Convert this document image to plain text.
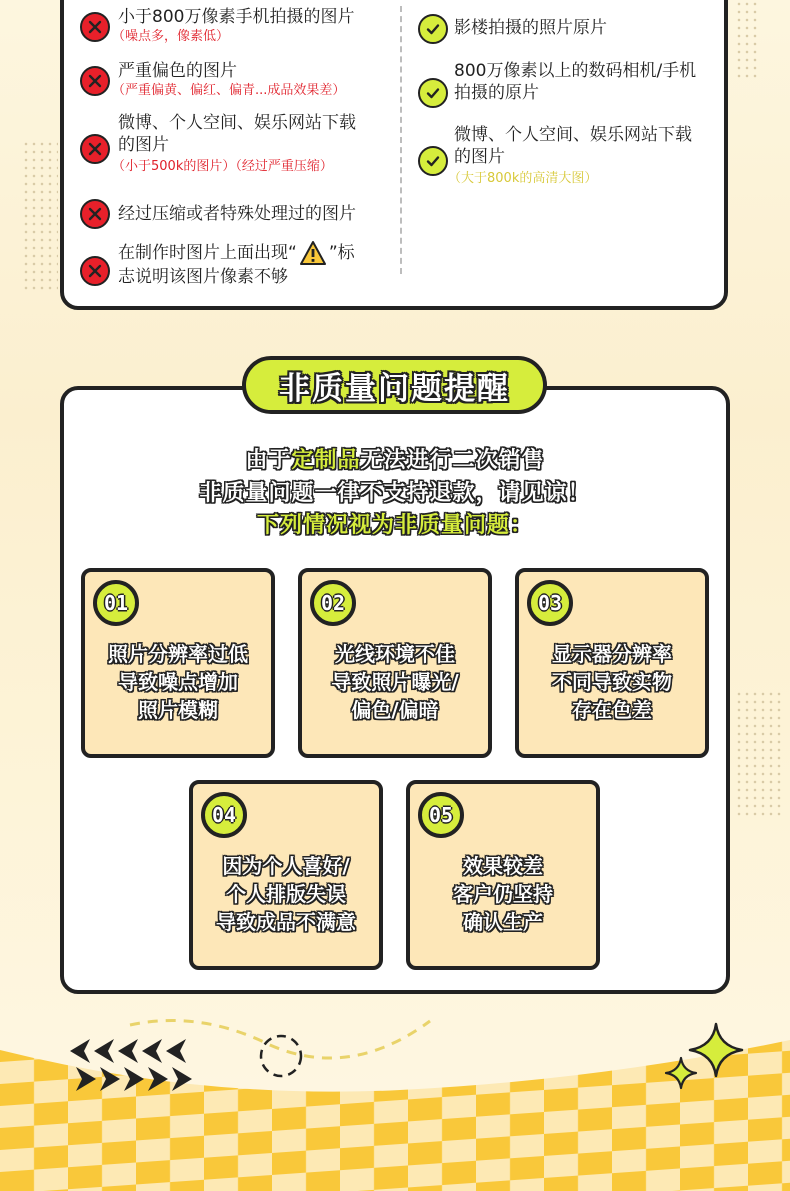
小于800万像素手机拍摄的图片
（噪点多，像素低）
严重偏色的图片
（严重偏黄、偏红、偏青...成品效果差）
微博、个人空间、娱乐网站下载
的图片
（小于500k的图片）（经过严重压缩）
经过压缩或者特殊处理过的图片
在制作时图片上面出现“ ”标
志说明该图片像素不够
影楼拍摄的照片原片
800万像素以上的数码相机/手机
拍摄的原片
微博、个人空间、娱乐网站下载
的图片
（大于800k的高清大图）
非质量问题提醒
由于定制品无法进行二次销售
非质量问题一律不支持退款，请见谅！
下列情况视为非质量问题：
01
照片分辨率过低
导致噪点增加
照片模糊
02
光线环境不佳
导致照片曝光/
偏色/偏暗
03
显示器分辨率
不同导致实物
存在色差
04
因为个人喜好/
个人排版失误
导致成品不满意
05
效果较差
客户仍坚持
确认生产
